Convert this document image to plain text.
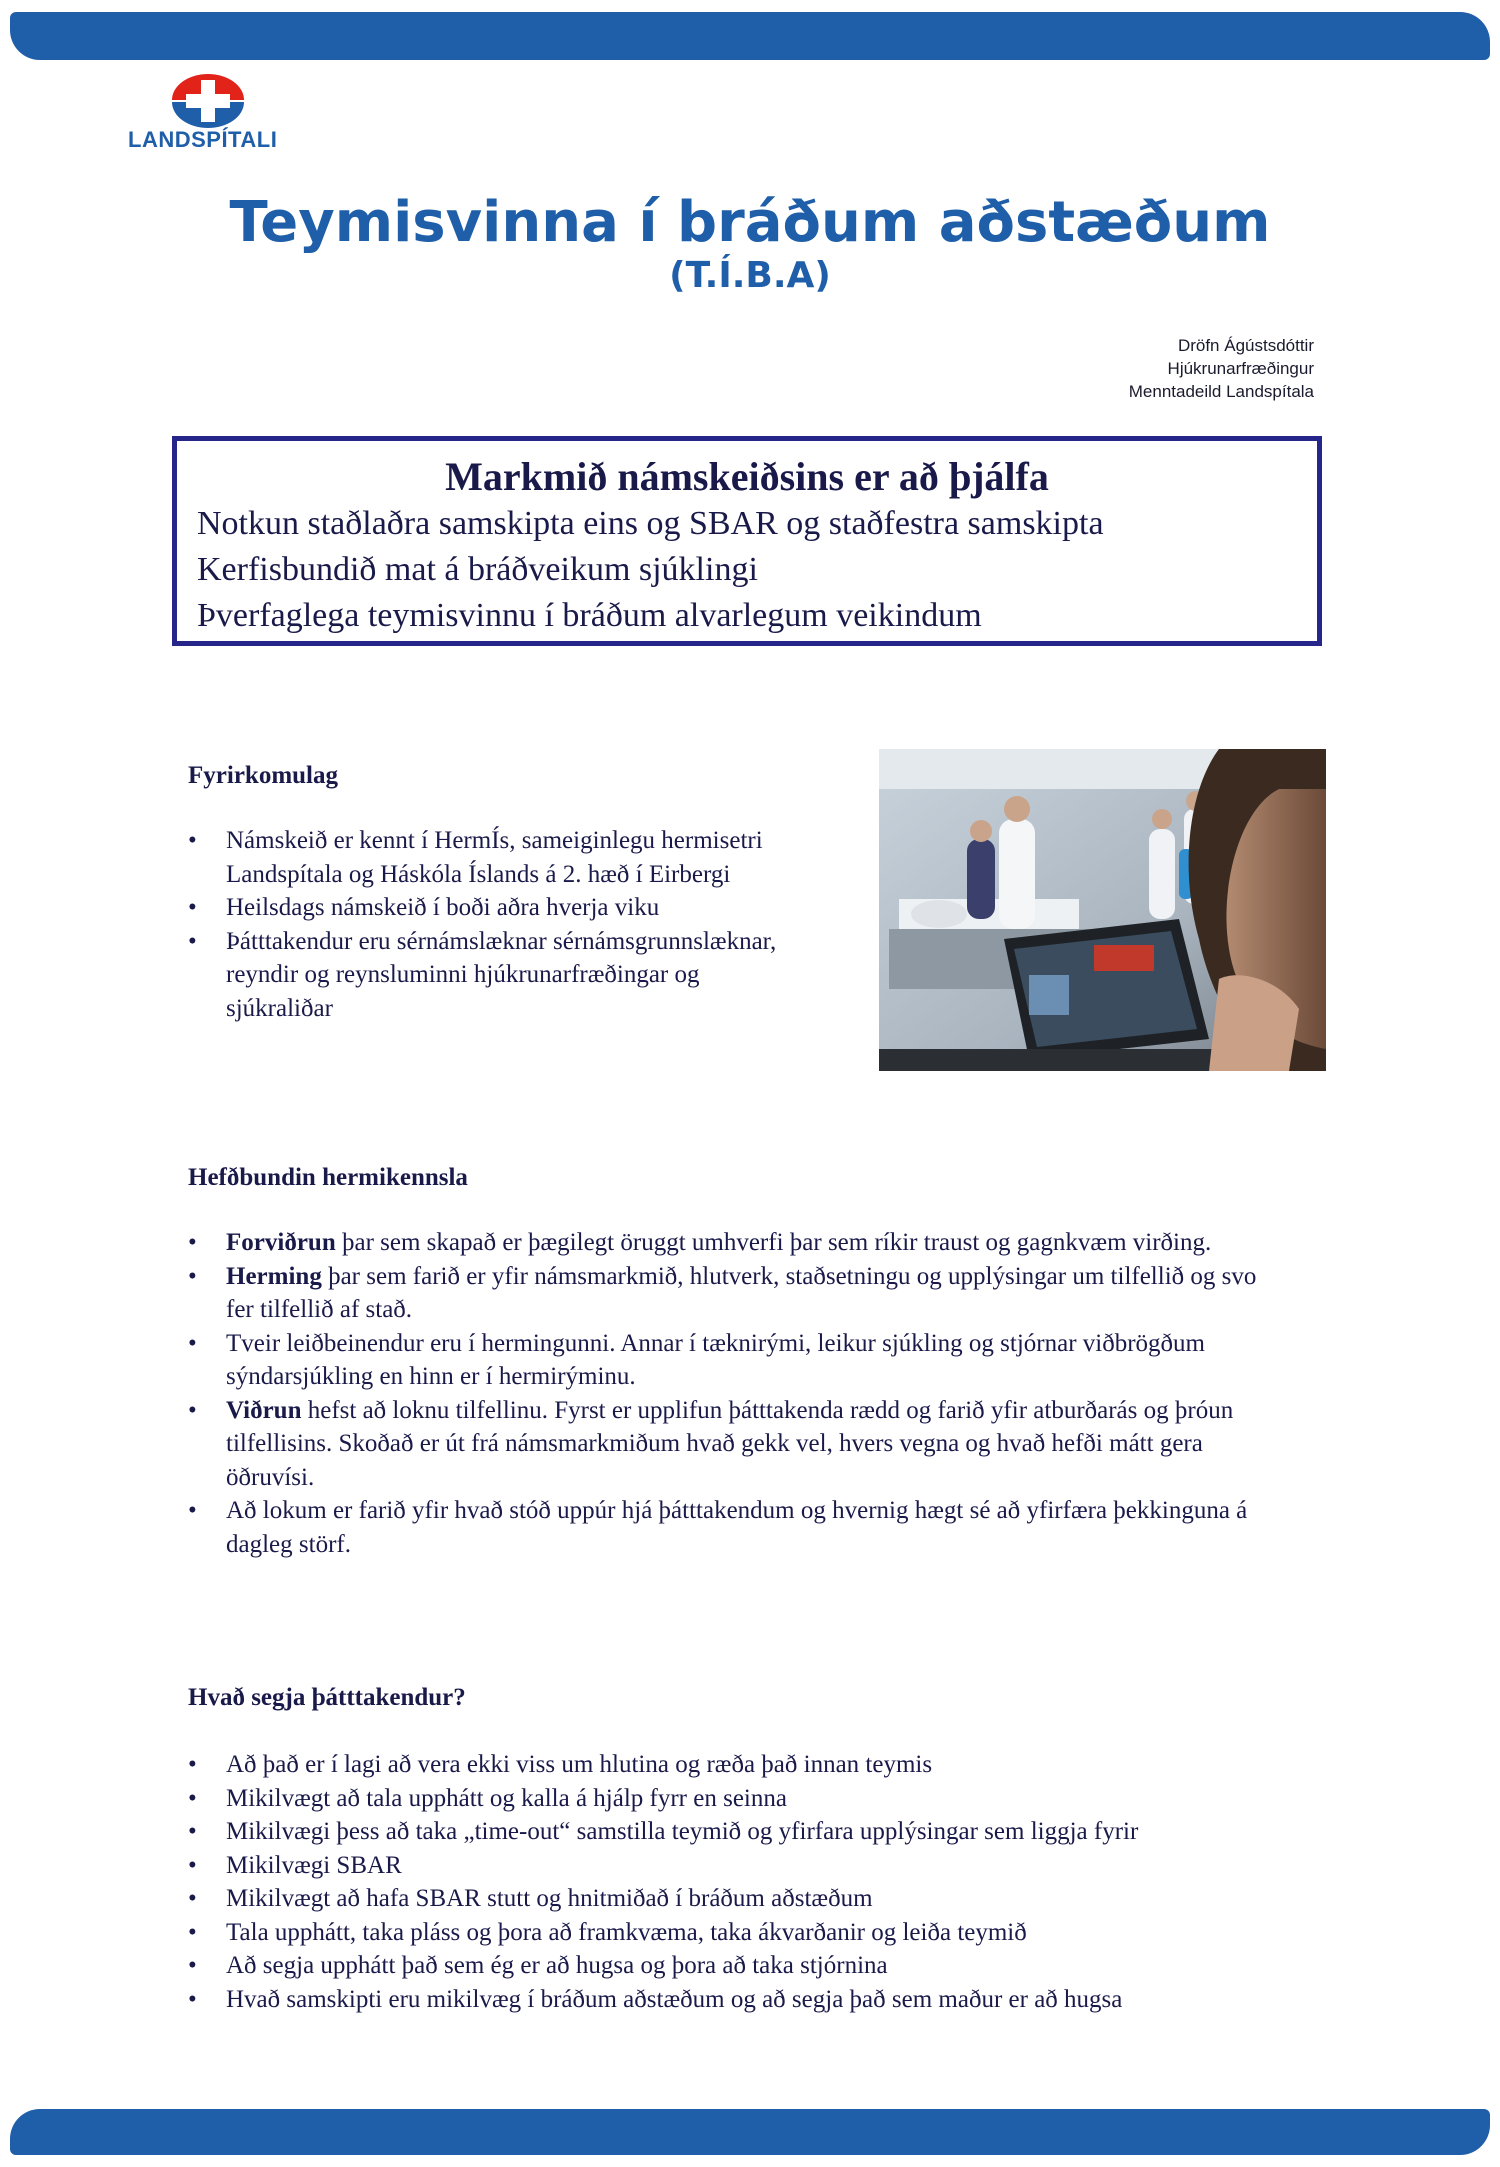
LANDSPÍTALI
Teymisvinna í bráðum aðstæðum
(T.Í.B.A)
Dröfn Ágústsdóttir
Hjúkrunarfræðingur
Menntadeild Landspítala
Markmið námskeiðsins er að þjálfa
Notkun staðlaðra samskipta eins og SBAR og staðfestra samskipta
Kerfisbundið mat á bráðveikum sjúklingi
Þverfaglega teymisvinnu í bráðum alvarlegum veikindum
Fyrirkomulag
• Námskeið er kennt í HermÍs, sameiginlegu hermisetri Landspítala og Háskóla Íslands á 2. hæð í Eirbergi
• Heilsdags námskeið í boði aðra hverja viku
• Þátttakendur eru sérnámslæknar sérnámsgrunnslæknar, reyndir og reynsluminni hjúkrunarfræðingar og sjúkraliðar
Hefðbundin hermikennsla
• Forviðrun þar sem skapað er þægilegt öruggt umhverfi þar sem ríkir traust og gagnkvæm virðing.
• Herming þar sem farið er yfir námsmarkmið, hlutverk, staðsetningu og upplýsingar um tilfellið og svo fer tilfellið af stað.
• Tveir leiðbeinendur eru í hermingunni. Annar í tæknirými, leikur sjúkling og stjórnar viðbrögðum sýndarsjúkling en hinn er í hermirýminu.
• Viðrun hefst að loknu tilfellinu. Fyrst er upplifun þátttakenda rædd og farið yfir atburðarás og þróun tilfellisins. Skoðað er út frá námsmarkmiðum hvað gekk vel, hvers vegna og hvað hefði mátt gera öðruvísi.
• Að lokum er farið yfir hvað stóð uppúr hjá þátttakendum og hvernig hægt sé að yfirfæra þekkinguna á dagleg störf.
Hvað segja þátttakendur?
• Að það er í lagi að vera ekki viss um hlutina og ræða það innan teymis
• Mikilvægt að tala upphátt og kalla á hjálp fyrr en seinna
• Mikilvægi þess að taka „time-out“ samstilla teymið og yfirfara upplýsingar sem liggja fyrir
• Mikilvægi SBAR
• Mikilvægt að hafa SBAR stutt og hnitmiðað í bráðum aðstæðum
• Tala upphátt, taka pláss og þora að framkvæma, taka ákvarðanir og leiða teymið
• Að segja upphátt það sem ég er að hugsa og þora að taka stjórnina
• Hvað samskipti eru mikilvæg í bráðum aðstæðum og að segja það sem maður er að hugsa
